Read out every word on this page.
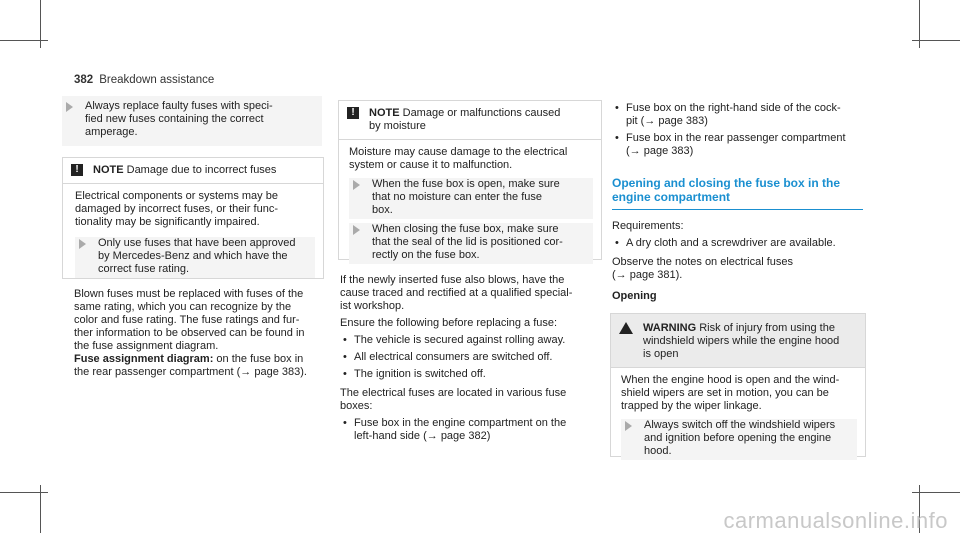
382 Breakdown assistance
Always replace faulty fuses with speci-
fied new fuses containing the correct
amperage.
! NOTE Damage due to incorrect fuses
Electrical components or systems may be
damaged by incorrect fuses, or their func-
tionality may be significantly impaired.
Only use fuses that have been approved
by Mercedes-Benz and which have the
correct fuse rating.
Blown fuses must be replaced with fuses of the
same rating, which you can recognize by the
color and fuse rating. The fuse ratings and fur-
ther information to be observed can be found in
the fuse assignment diagram.
Fuse assignment diagram: on the fuse box in
the rear passenger compartment (→ page 383).
! NOTE Damage or malfunctions caused
by moisture
Moisture may cause damage to the electrical
system or cause it to malfunction.
When the fuse box is open, make sure
that no moisture can enter the fuse
box.
When closing the fuse box, make sure
that the seal of the lid is positioned cor-
rectly on the fuse box.
If the newly inserted fuse also blows, have the
cause traced and rectified at a qualified special-
ist workshop.
Ensure the following before replacing a fuse:
• The vehicle is secured against rolling away.
• All electrical consumers are switched off.
• The ignition is switched off.
The electrical fuses are located in various fuse
boxes:
• Fuse box in the engine compartment on the
left-hand side (→ page 382)
• Fuse box on the right-hand side of the cock-
pit (→ page 383)
• Fuse box in the rear passenger compartment
(→ page 383)
Opening and closing the fuse box in the
engine compartment
Requirements:
• A dry cloth and a screwdriver are available.
Observe the notes on electrical fuses
(→ page 381).
Opening
WARNING Risk of injury from using the
windshield wipers while the engine hood
is open
When the engine hood is open and the wind-
shield wipers are set in motion, you can be
trapped by the wiper linkage.
Always switch off the windshield wipers
and ignition before opening the engine
hood.
carmanualsonline.info
